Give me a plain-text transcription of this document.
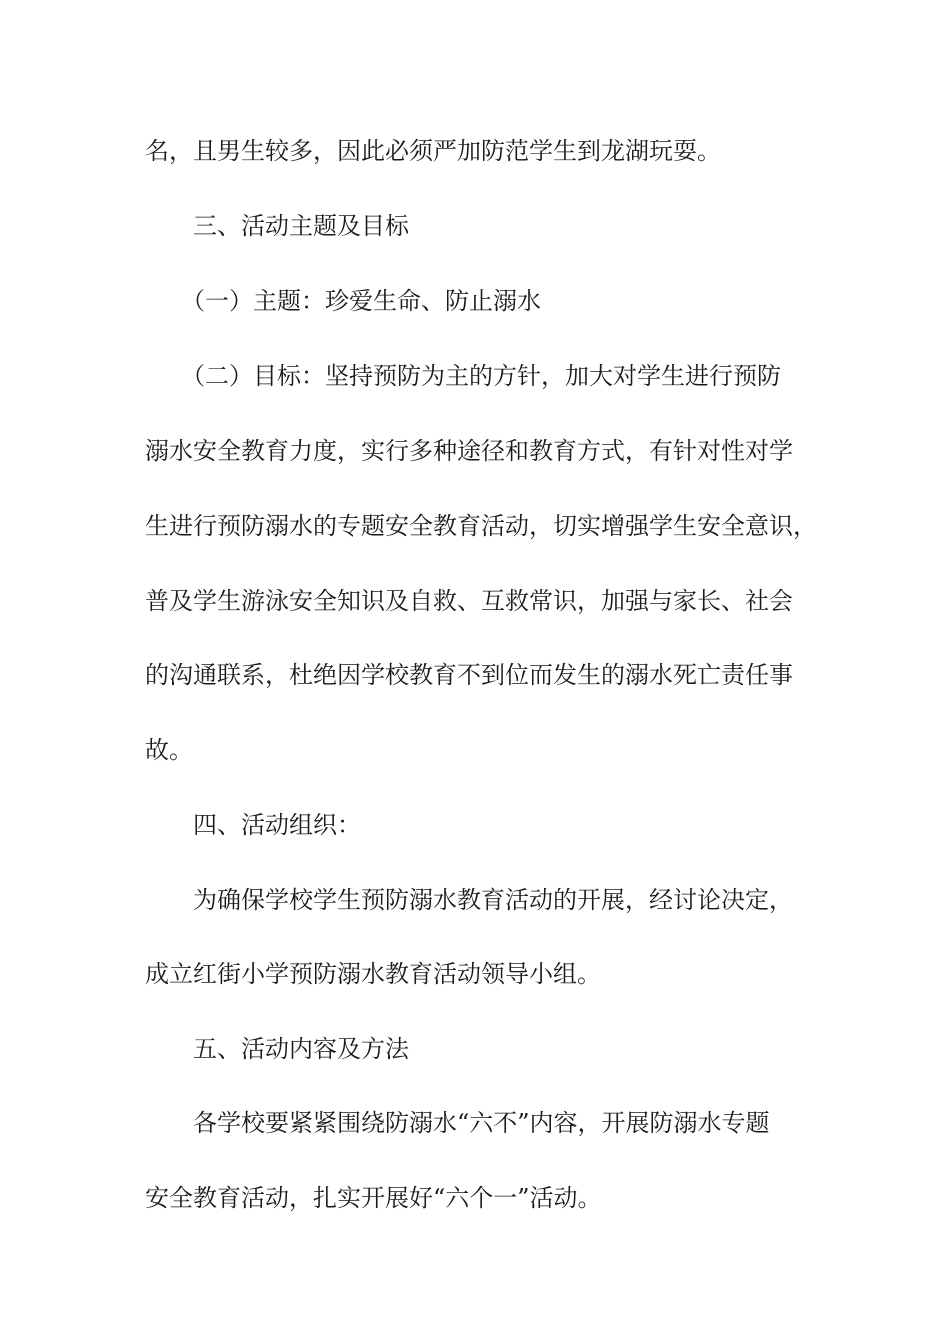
名，且男生较多，因此必须严加防范学生到龙湖玩耍。
三、活动主题及目标
（一）主题：珍爱生命、防止溺水
（二）目标：坚持预防为主的方针，加大对学生进行预防
溺水安全教育力度，实行多种途径和教育方式，有针对性对学
生进行预防溺水的专题安全教育活动，切实增强学生安全意识，
普及学生游泳安全知识及自救、互救常识，加强与家长、社会
的沟通联系，杜绝因学校教育不到位而发生的溺水死亡责任事
故。
四、活动组织：
为确保学校学生预防溺水教育活动的开展，经讨论决定，
成立红街小学预防溺水教育活动领导小组。
五、活动内容及方法
各学校要紧紧围绕防溺水“六不”内容，开展防溺水专题
安全教育活动，扎实开展好“六个一”活动。
